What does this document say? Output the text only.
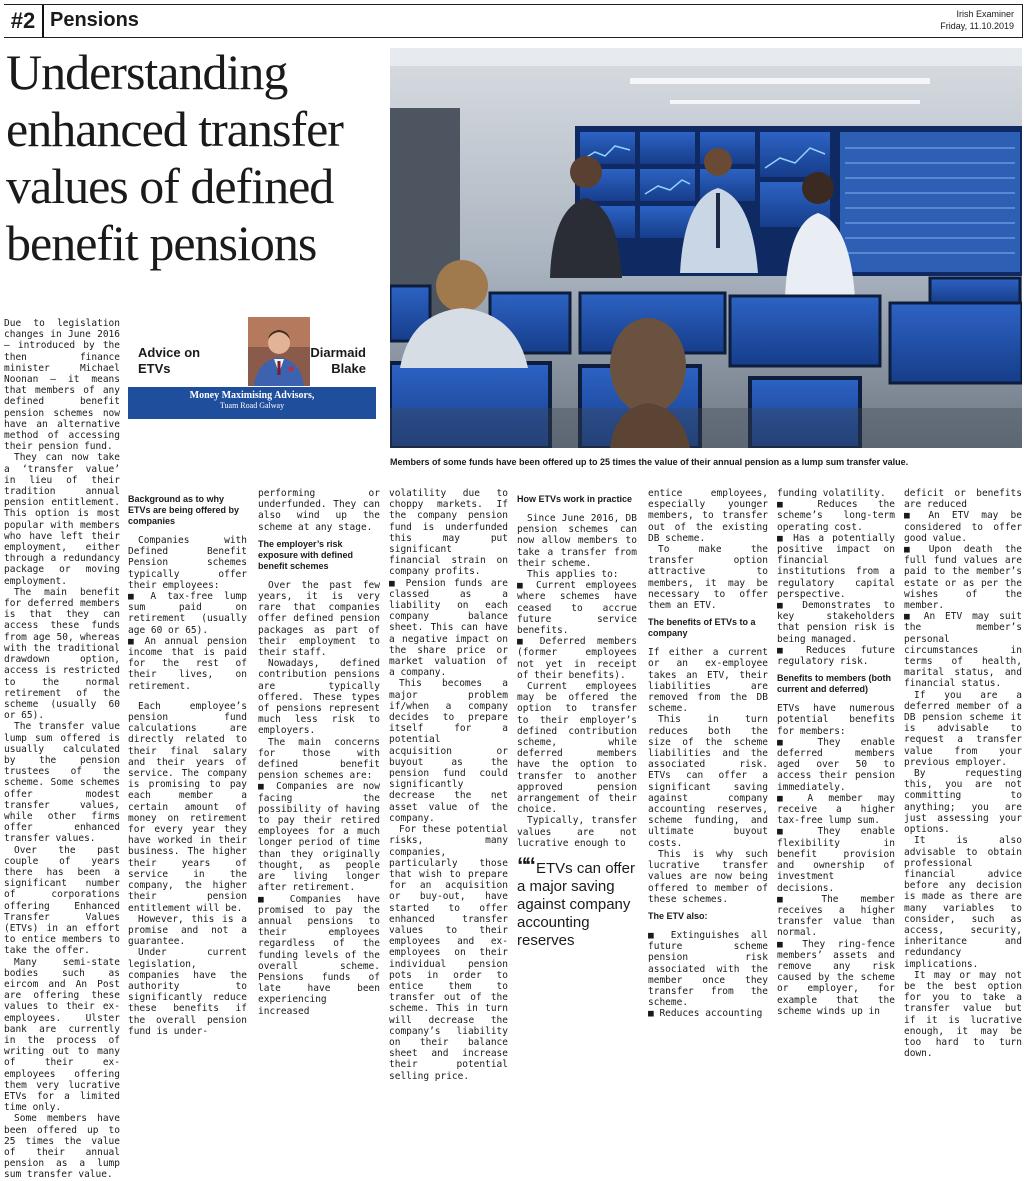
#2 Pensions	Irish Examiner
Friday, 11.10.2019
Understanding enhanced transfer values of defined benefit pensions
Members of some funds have been offered up to 25 times the value of their annual pension as a lump sum transfer value.
Advice on
ETVs
Diarmaid
Blake
Money Maximising Advisors,
Tuam Road Galway

Due to legislation changes in June 2016 — introduced by the then finance minister Michael Noonan — it means that members of any defined benefit pension schemes now have an alternative method of accessing their pension fund.

They can now take a ‘transfer value’ in lieu of their tradition annual pension entitlement. This option is most popular with members who have left their employment, either through a redundancy package or moving employment.

The main benefit for deferred members is that they can access these funds from age 50, whereas with the traditional drawdown option, access is restricted to the normal retirement of the scheme (usually 60 or 65).

The transfer value lump sum offered is usually calculated by the pension trustees of the scheme. Some schemes offer modest transfer values, while other firms offer enhanced transfer values.

Over the past couple of years there has been a significant number of corporations offering Enhanced Transfer Values (ETVs) in an effort to entice members to take the offer.

Many semi-state bodies such as eircom and An Post are offering these values to their ex-employees. Ulster bank are currently in the process of writing out to many of their ex-employees offering them very lucrative ETVs for a limited time only.

Some members have been offered up to 25 times the value of their annual pension as a lump sum transfer value.

Background as to why ETVs are being offered by companies

Companies with Defined Benefit Pension schemes typically offer their employees:

■ A tax-free lump sum paid on retirement (usually age 60 or 65).

■ An annual pension income that is paid for the rest of their lives, on retirement.

Each employee’s pension fund calculations are directly related to their final salary and their years of service. The company is promising to pay each member a certain amount of money on retirement for every year they have worked in their business. The higher their years of service in the company, the higher their pension entitlement will be.

However, this is a promise and not a guarantee.

Under current legislation, companies have the authority to significantly reduce these benefits if the overall pension fund is under-

performing or underfunded. They can also wind up the scheme at any stage.

The employer’s risk exposure with defined benefit schemes

Over the past few years, it is very rare that companies offer defined pension packages as part of their employment to their staff.

Nowadays, defined contribution pensions are typically offered. These types of pensions represent much less risk to employers.

The main concerns for those with defined benefit pension schemes are:

■ Companies are now facing the possibility of having to pay their retired employees for a much longer period of time than they originally thought, as people are living longer after retirement.

■ Companies have promised to pay the annual pensions to their employees regardless of the funding levels of the overall scheme. Pensions funds of late have been experiencing increased

volatility due to choppy markets. If the company pension fund is underfunded this may put significant financial strain on company profits.

■ Pension funds are classed as a liability on each company balance sheet. This can have a negative impact on the share price or market valuation of a company.

This becomes a major problem if/when a company decides to prepare itself for a potential acquisition or buyout as the pension fund could significantly decrease the net asset value of the company.

For these potential risks, many companies, particularly those that wish to prepare for an acquisition or buy-out, have started to offer enhanced transfer values to their employees and ex-employees on their individual pension pots in order to entice them to transfer out of the scheme. This in turn will decrease the company’s liability on their balance sheet and increase their potential selling price.

How ETVs work in practice

Since June 2016, DB pension schemes can now allow members to take a transfer from their scheme.

This applies to:

■ Current employees where schemes have ceased to accrue future service benefits.

■ Deferred members (former employees not yet in receipt of their benefits).

Current employees may be offered the option to transfer to their employer’s defined contribution scheme, while deferred members have the option to transfer to another approved pension arrangement of their choice.

Typically, transfer values are not lucrative enough to

““ ETVs can offer a major saving against company accounting reserves

entice employees, especially younger members, to transfer out of the existing DB scheme.

To make the transfer option attractive to members, it may be necessary to offer them an ETV.

The benefits of ETVs to a company

If either a current or an ex-employee takes an ETV, their liabilities are removed from the DB scheme.

This in turn reduces both the size of the scheme liabilities and the associated risk. ETVs can offer a significant saving against company accounting reserves, scheme funding, and ultimate buyout costs.

This is why such lucrative transfer values are now being offered to member of these schemes.

The ETV also:

■ Extinguishes all future scheme pension risk associated with the member once they transfer from the scheme.

■ Reduces accounting

funding volatility.

■ Reduces the scheme’s long-term operating cost.

■ Has a potentially positive impact on financial institutions from a regulatory capital perspective.

■ Demonstrates to key stakeholders that pension risk is being managed.

■ Reduces future regulatory risk.

Benefits to members (both current and deferred)

ETVs have numerous potential benefits for members:

■ They enable deferred members aged over 50 to access their pension immediately.

■ A member may receive a higher tax-free lump sum.

■ They enable flexibility in benefit provision and ownership of investment decisions.

■ The member receives a higher transfer value than normal.

■ They ring-fence members’ assets and remove any risk caused by the scheme or employer, for example that the scheme winds up in

deficit or benefits are reduced

■ An ETV may be considered to offer good value.

■ Upon death the full fund values are paid to the member’s estate or as per the wishes of the member.

■ An ETV may suit the member’s personal circumstances in terms of health, marital status, and financial status.

If you are a deferred member of a DB pension scheme it is advisable to request a transfer value from your previous employer.

By requesting this, you are not committing to anything; you are just assessing your options.

It is also advisable to obtain professional financial advice before any decision is made as there are many variables to consider, such as access, security, inheritance and redundancy implications.

It may or may not be the best option for you to take a transfer value but if it is lucrative enough, it may be too hard to turn down.
